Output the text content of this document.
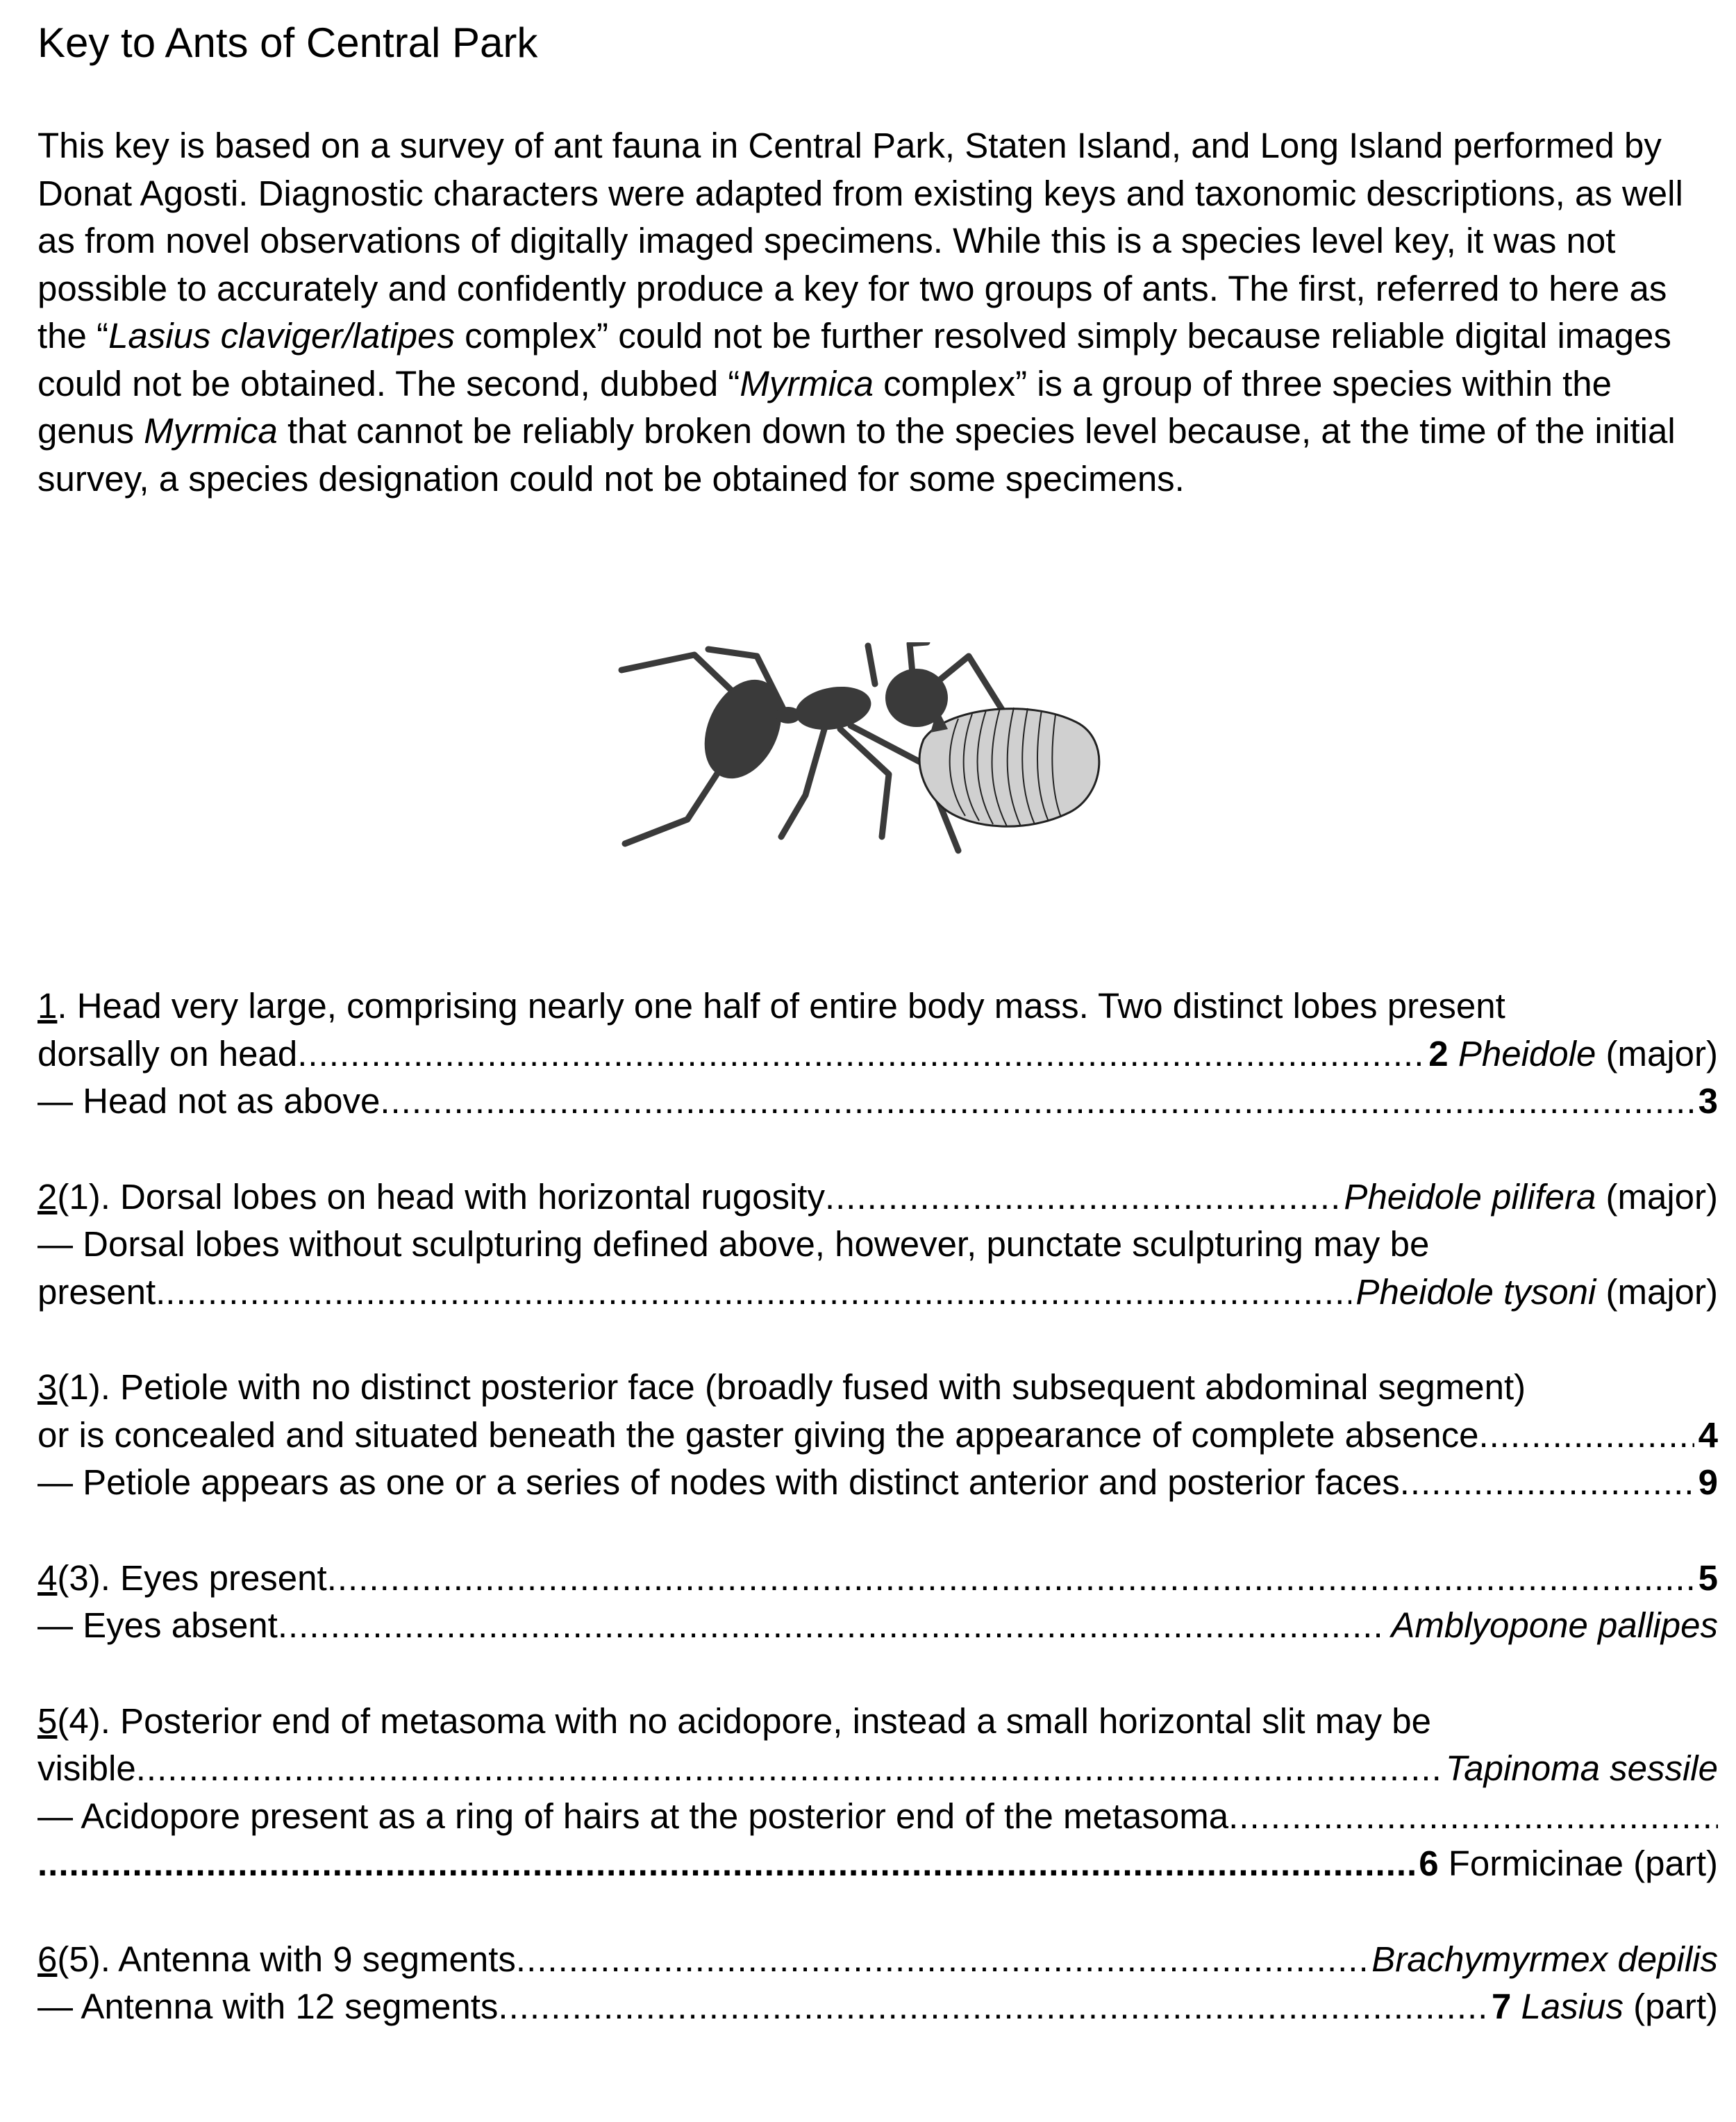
Key to Ants of Central Park
This key is based on a survey of ant fauna in Central Park, Staten Island, and Long Island performed by Donat Agosti. Diagnostic characters were adapted from existing keys and taxonomic descriptions, as well as from novel observations of digitally imaged specimens. While this is a species level key, it was not possible to accurately and confidently produce a key for two groups of ants. The first, referred to here as the “Lasius claviger/latipes complex” could not be further resolved simply because reliable digital images could not be obtained. The second, dubbed “Myrmica complex” is a group of three species within the genus Myrmica that cannot be reliably broken down to the species level because, at the time of the initial survey, a species designation could not be obtained for some specimens.
1. Head very large, comprising nearly one half of entire body mass. Two distinct lobes present
dorsally on head .....	2 Pheidole (major)
— Head not as above .....	3
2(1). Dorsal lobes on head with horizontal rugosity .....	Pheidole pilifera (major)
— Dorsal lobes without sculpturing defined above, however, punctate sculpturing may be
present. .....	Pheidole tysoni (major)
3(1). Petiole with no distinct posterior face (broadly fused with subsequent abdominal segment)
or is concealed and situated beneath the gaster giving the appearance of complete absence .....	4
— Petiole appears as one or a series of nodes with distinct anterior and posterior faces .....	9
4(3). Eyes present .....	5
— Eyes absent .....	Amblyopone pallipes
5(4). Posterior end of metasoma with no acidopore, instead a small horizontal slit may be
visible .....	Tapinoma sessile
— Acidopore present as a ring of hairs at the posterior end of the metasoma
.....
.....
6 Formicinae (part)
6(5). Antenna with 9 segments .....	Brachymyrmex depilis
— Antenna with 12 segments .....	7 Lasius (part)
